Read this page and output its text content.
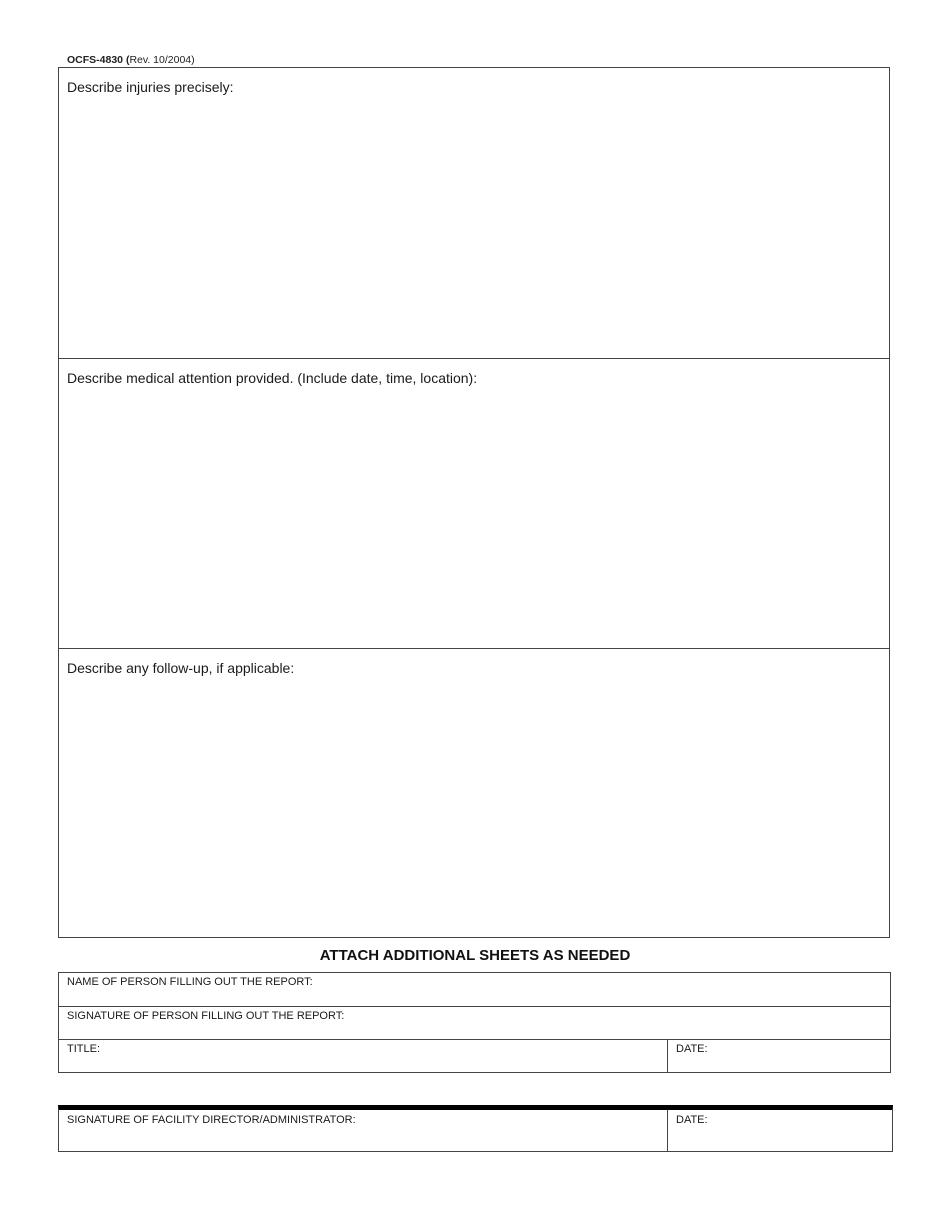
OCFS-4830 (Rev. 10/2004)
Describe injuries precisely:
Describe medical attention provided. (Include date, time, location):
Describe any follow-up, if applicable:
ATTACH ADDITIONAL SHEETS AS NEEDED
NAME OF PERSON FILLING OUT THE REPORT:
SIGNATURE OF PERSON FILLING OUT THE REPORT:
TITLE:	DATE:
SIGNATURE OF FACILITY DIRECTOR/ADMINISTRATOR:	DATE:
